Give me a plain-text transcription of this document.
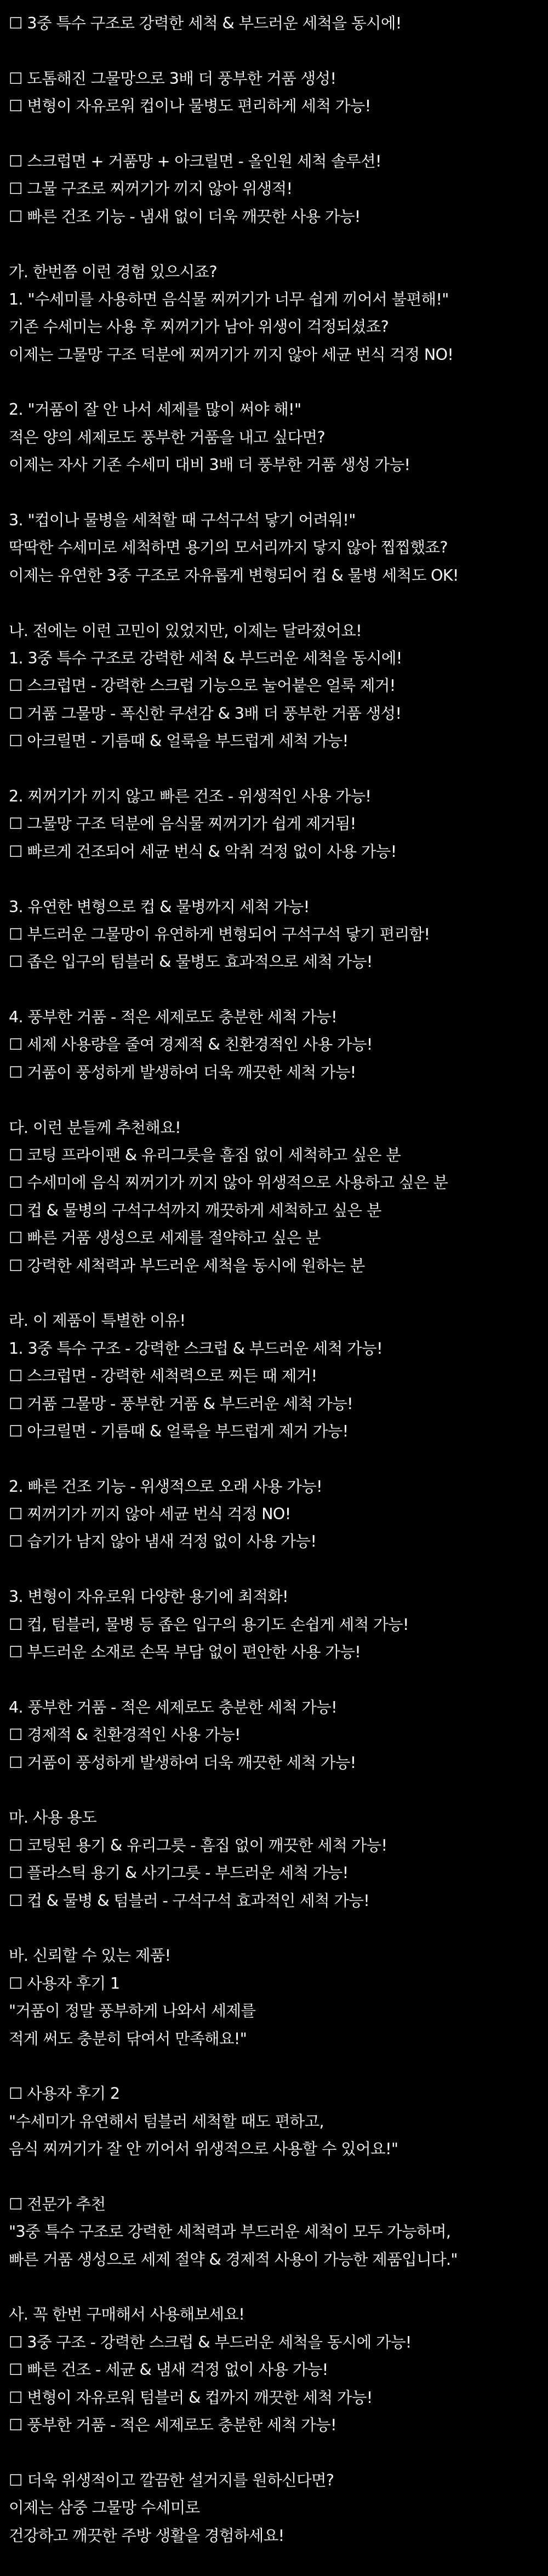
☐ 3중 특수 구조로 강력한 세척 & 부드러운 세척을 동시에!
☐ 도톰해진 그물망으로 3배 더 풍부한 거품 생성!
☐ 변형이 자유로워 컵이나 물병도 편리하게 세척 가능!
☐ 스크럽면 + 거품망 + 아크릴면 - 올인원 세척 솔루션!
☐ 그물 구조로 찌꺼기가 끼지 않아 위생적!
☐ 빠른 건조 기능 - 냄새 없이 더욱 깨끗한 사용 가능!
가. 한번쯤 이런 경험 있으시죠?
1. "수세미를 사용하면 음식물 찌꺼기가 너무 쉽게 끼어서 불편해!"
기존 수세미는 사용 후 찌꺼기가 남아 위생이 걱정되셨죠?
이제는 그물망 구조 덕분에 찌꺼기가 끼지 않아 세균 번식 걱정 NO!
2. "거품이 잘 안 나서 세제를 많이 써야 해!"
적은 양의 세제로도 풍부한 거품을 내고 싶다면?
이제는 자사 기존 수세미 대비 3배 더 풍부한 거품 생성 가능!
3. "컵이나 물병을 세척할 때 구석구석 닿기 어려워!"
딱딱한 수세미로 세척하면 용기의 모서리까지 닿지 않아 찝찝했죠?
이제는 유연한 3중 구조로 자유롭게 변형되어 컵 & 물병 세척도 OK!
나. 전에는 이런 고민이 있었지만, 이제는 달라졌어요!
1. 3중 특수 구조로 강력한 세척 & 부드러운 세척을 동시에!
☐ 스크럽면 - 강력한 스크럽 기능으로 눌어붙은 얼룩 제거!
☐ 거품 그물망 - 폭신한 쿠션감 & 3배 더 풍부한 거품 생성!
☐ 아크릴면 - 기름때 & 얼룩을 부드럽게 세척 가능!
2. 찌꺼기가 끼지 않고 빠른 건조 - 위생적인 사용 가능!
☐ 그물망 구조 덕분에 음식물 찌꺼기가 쉽게 제거됨!
☐ 빠르게 건조되어 세균 번식 & 악취 걱정 없이 사용 가능!
3. 유연한 변형으로 컵 & 물병까지 세척 가능!
☐ 부드러운 그물망이 유연하게 변형되어 구석구석 닿기 편리함!
☐ 좁은 입구의 텀블러 & 물병도 효과적으로 세척 가능!
4. 풍부한 거품 - 적은 세제로도 충분한 세척 가능!
☐ 세제 사용량을 줄여 경제적 & 친환경적인 사용 가능!
☐ 거품이 풍성하게 발생하여 더욱 깨끗한 세척 가능!
다. 이런 분들께 추천해요!
☐ 코팅 프라이팬 & 유리그릇을 흠집 없이 세척하고 싶은 분
☐ 수세미에 음식 찌꺼기가 끼지 않아 위생적으로 사용하고 싶은 분
☐ 컵 & 물병의 구석구석까지 깨끗하게 세척하고 싶은 분
☐ 빠른 거품 생성으로 세제를 절약하고 싶은 분
☐ 강력한 세척력과 부드러운 세척을 동시에 원하는 분
라. 이 제품이 특별한 이유!
1. 3중 특수 구조 - 강력한 스크럽 & 부드러운 세척 가능!
☐ 스크럽면 - 강력한 세척력으로 찌든 때 제거!
☐ 거품 그물망 - 풍부한 거품 & 부드러운 세척 가능!
☐ 아크릴면 - 기름때 & 얼룩을 부드럽게 제거 가능!
2. 빠른 건조 기능 - 위생적으로 오래 사용 가능!
☐ 찌꺼기가 끼지 않아 세균 번식 걱정 NO!
☐ 습기가 남지 않아 냄새 걱정 없이 사용 가능!
3. 변형이 자유로워 다양한 용기에 최적화!
☐ 컵, 텀블러, 물병 등 좁은 입구의 용기도 손쉽게 세척 가능!
☐ 부드러운 소재로 손목 부담 없이 편안한 사용 가능!
4. 풍부한 거품 - 적은 세제로도 충분한 세척 가능!
☐ 경제적 & 친환경적인 사용 가능!
☐ 거품이 풍성하게 발생하여 더욱 깨끗한 세척 가능!
마. 사용 용도
☐ 코팅된 용기 & 유리그릇 - 흠집 없이 깨끗한 세척 가능!
☐ 플라스틱 용기 & 사기그릇 - 부드러운 세척 가능!
☐ 컵 & 물병 & 텀블러 - 구석구석 효과적인 세척 가능!
바. 신뢰할 수 있는 제품!
☐ 사용자 후기 1
"거품이 정말 풍부하게 나와서 세제를
적게 써도 충분히 닦여서 만족해요!"
☐ 사용자 후기 2
"수세미가 유연해서 텀블러 세척할 때도 편하고,
음식 찌꺼기가 잘 안 끼어서 위생적으로 사용할 수 있어요!"
☐ 전문가 추천
"3중 특수 구조로 강력한 세척력과 부드러운 세척이 모두 가능하며,
빠른 거품 생성으로 세제 절약 & 경제적 사용이 가능한 제품입니다."
사. 꼭 한번 구매해서 사용해보세요!
☐ 3중 구조 - 강력한 스크럽 & 부드러운 세척을 동시에 가능!
☐ 빠른 건조 - 세균 & 냄새 걱정 없이 사용 가능!
☐ 변형이 자유로워 텀블러 & 컵까지 깨끗한 세척 가능!
☐ 풍부한 거품 - 적은 세제로도 충분한 세척 가능!
☐ 더욱 위생적이고 깔끔한 설거지를 원하신다면?
이제는 삼중 그물망 수세미로
건강하고 깨끗한 주방 생활을 경험하세요!
